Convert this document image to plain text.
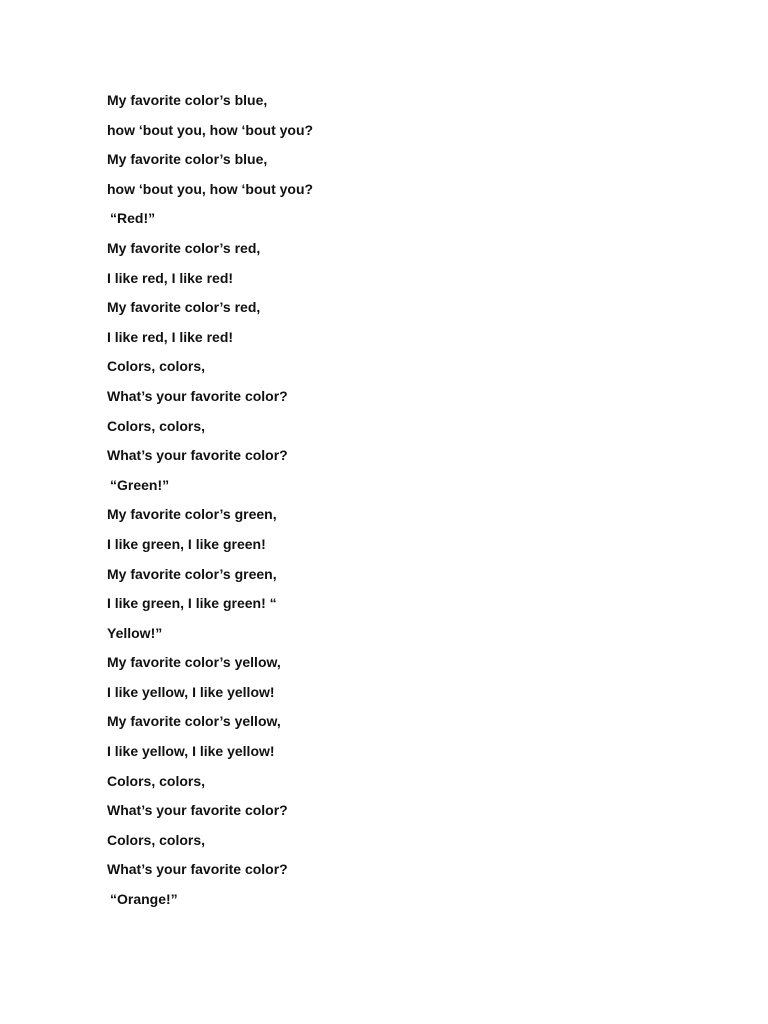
My favorite color’s blue,
how ‘bout you, how ‘bout you?
My favorite color’s blue,
how ‘bout you, how ‘bout you?
“Red!”
My favorite color’s red,
I like red, I like red!
My favorite color’s red,
I like red, I like red!
Colors, colors,
What’s your favorite color?
Colors, colors,
What’s your favorite color?
“Green!”
My favorite color’s green,
I like green, I like green!
My favorite color’s green,
I like green, I like green! “
Yellow!”
My favorite color’s yellow,
I like yellow, I like yellow!
My favorite color’s yellow,
I like yellow, I like yellow!
Colors, colors,
What’s your favorite color?
Colors, colors,
What’s your favorite color?
“Orange!”
